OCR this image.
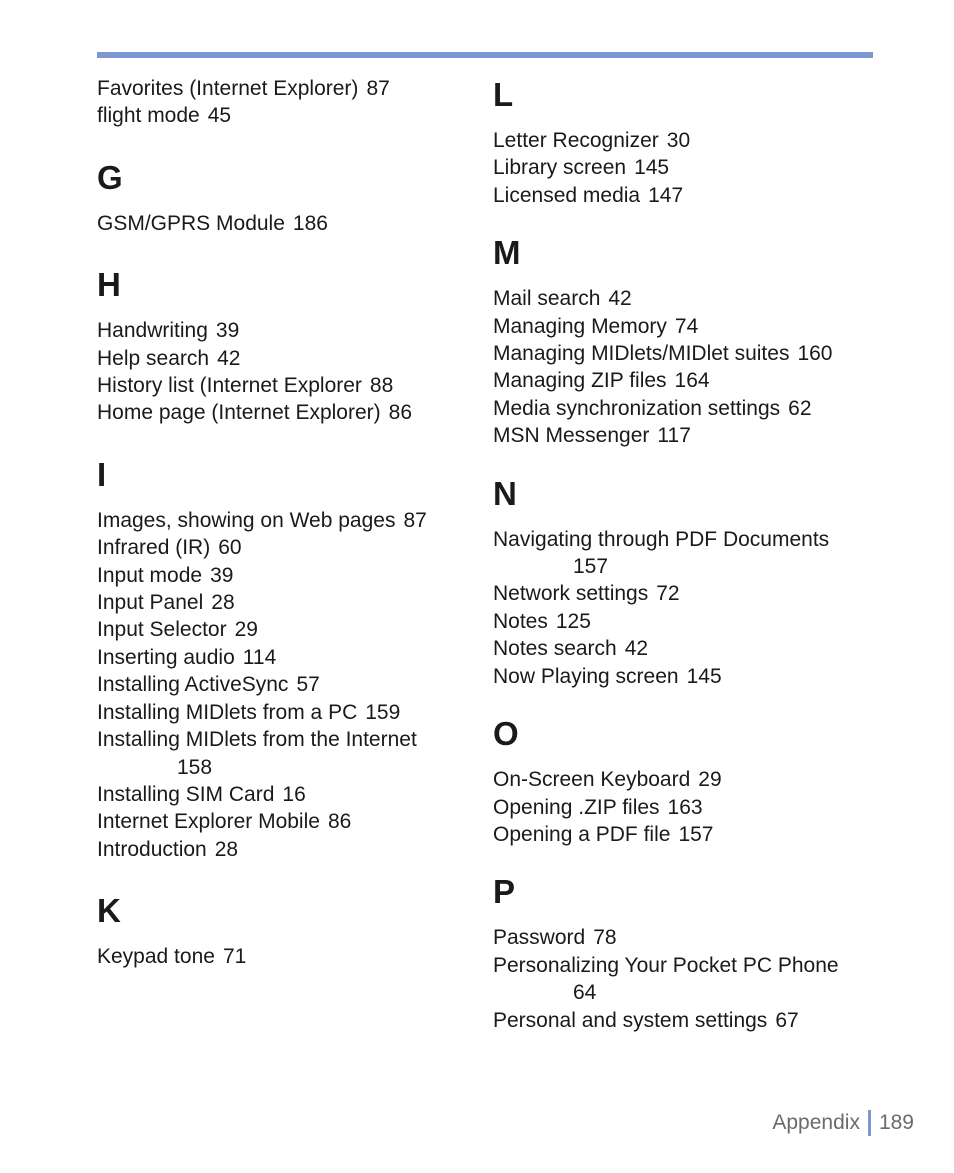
Favorites (Internet Explorer) 87
flight mode 45
G
GSM/GPRS Module 186
H
Handwriting 39
Help search 42
History list (Internet Explorer 88
Home page (Internet Explorer) 86
I
Images, showing on Web pages 87
Infrared (IR) 60
Input mode 39
Input Panel 28
Input Selector 29
Inserting audio 114
Installing ActiveSync 57
Installing MIDlets from a PC 159
Installing MIDlets from the Internet
158
Installing SIM Card 16
Internet Explorer Mobile 86
Introduction 28
K
Keypad tone 71
L
Letter Recognizer 30
Library screen 145
Licensed media 147
M
Mail search 42
Managing Memory 74
Managing MIDlets/MIDlet suites 160
Managing ZIP files 164
Media synchronization settings 62
MSN Messenger 117
N
Navigating through PDF Documents
157
Network settings 72
Notes 125
Notes search 42
Now Playing screen 145
O
On-Screen Keyboard 29
Opening .ZIP files 163
Opening a PDF file 157
P
Password 78
Personalizing Your Pocket PC Phone
64
Personal and system settings 67
Appendix 189
